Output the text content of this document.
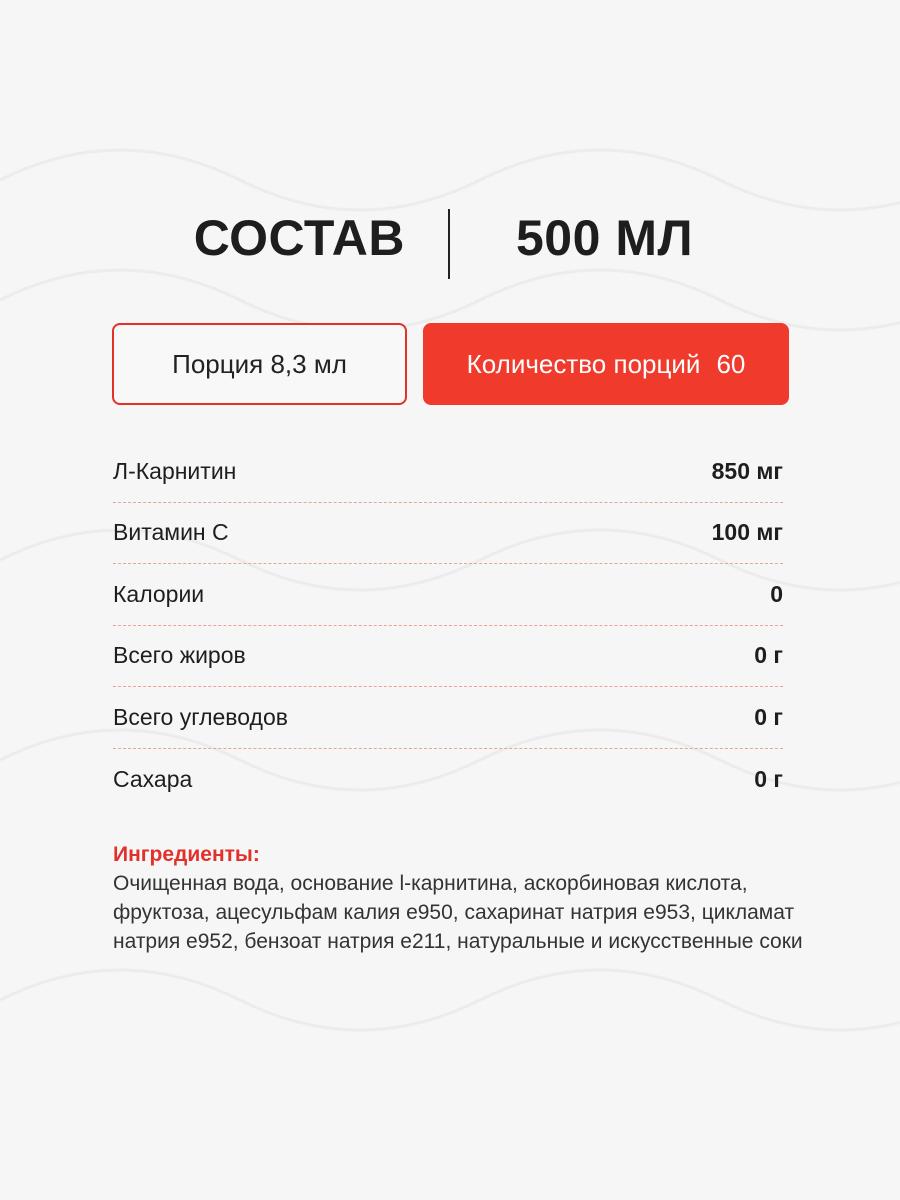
СОСТАВ 500 МЛ
Порция 8,3 мл	Количество порций 60
Л-Карнитин	850 мг
Витамин С	100 мг
Калории	0
Всего жиров	0 г
Всего углеводов	0 г
Сахара	0 г
Ингредиенты:
Очищенная вода, основание l-карнитина, аскорбиновая кислота, фруктоза, ацесульфам калия е950, сахаринат натрия е953, цикламат натрия е952, бензоат натрия е211, натуральные и искусственные соки
